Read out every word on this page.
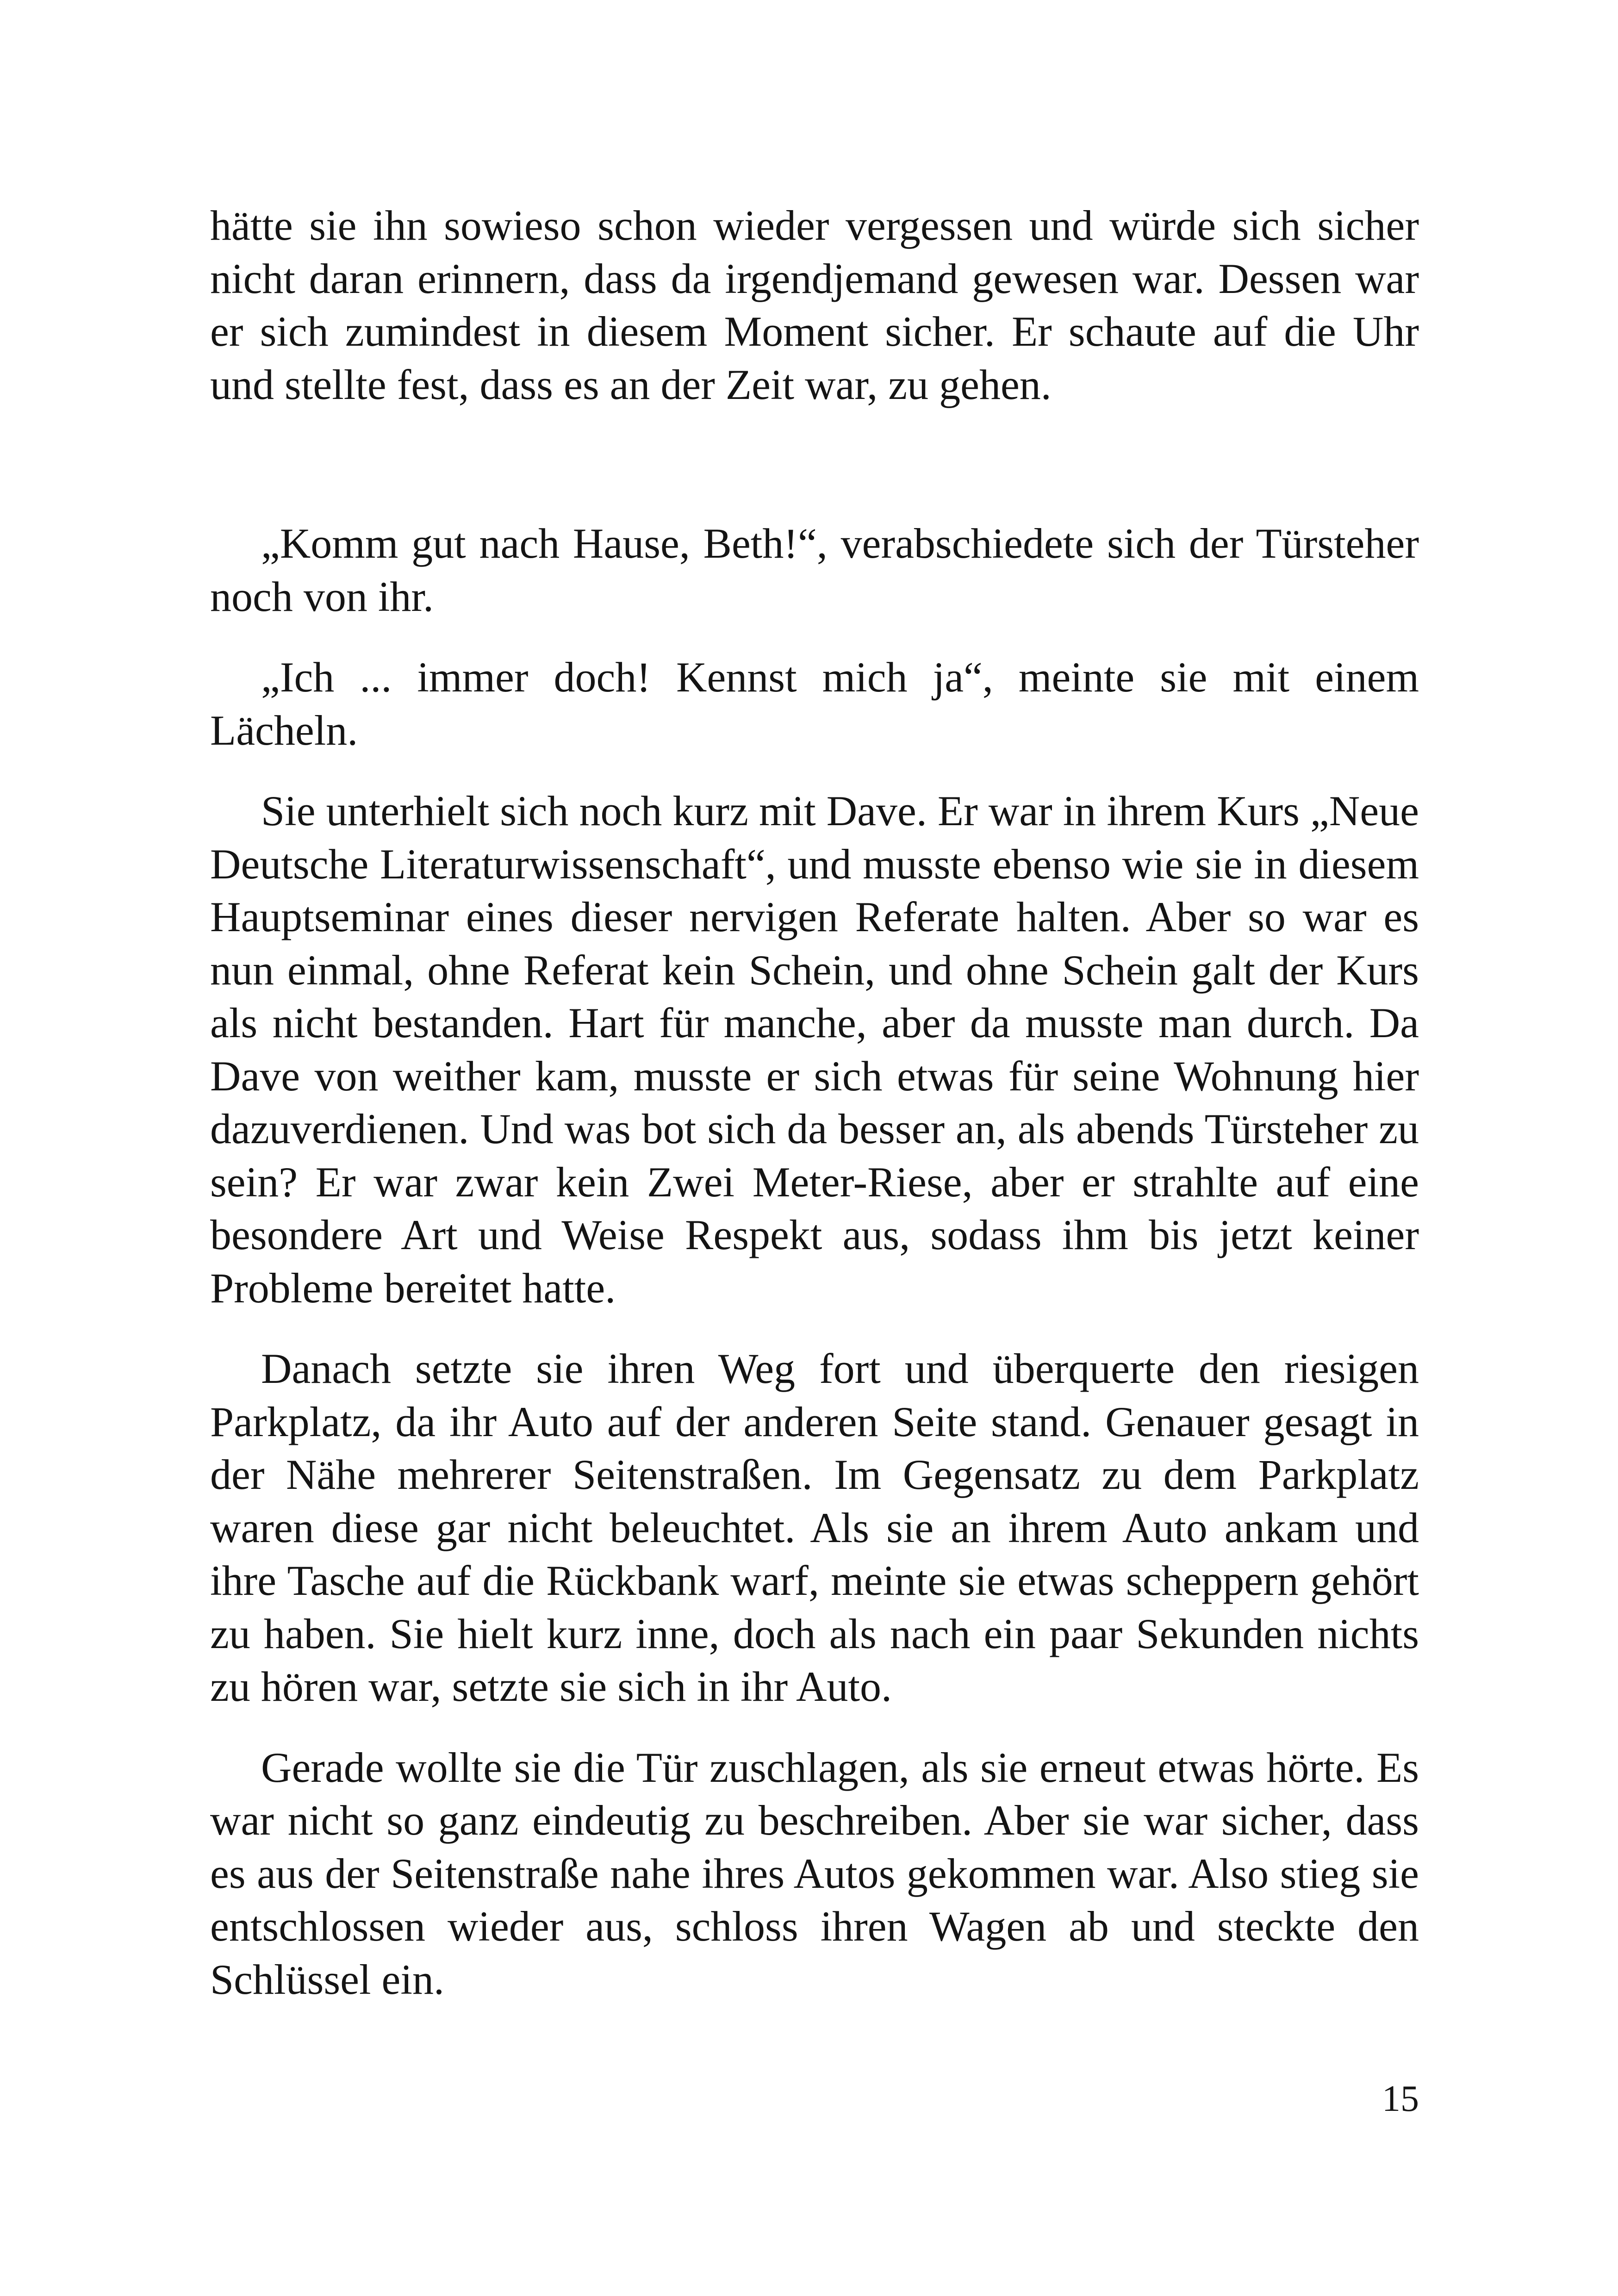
hätte sie ihn sowieso schon wieder vergessen und würde sich sicher nicht daran erinnern, dass da irgendjemand gewesen war. Dessen war er sich zumindest in diesem Moment sicher. Er schaute auf die Uhr und stellte fest, dass es an der Zeit war, zu gehen.

„Komm gut nach Hause, Beth!“, verabschiedete sich der Türsteher noch von ihr.

„Ich ... immer doch! Kennst mich ja“, meinte sie mit einem Lächeln.

Sie unterhielt sich noch kurz mit Dave. Er war in ihrem Kurs „Neue Deutsche Literaturwissenschaft“, und musste ebenso wie sie in diesem Hauptseminar eines dieser nervigen Referate halten. Aber so war es nun einmal, ohne Referat kein Schein, und ohne Schein galt der Kurs als nicht bestanden. Hart für manche, aber da musste man durch. Da Dave von weither kam, musste er sich etwas für seine Wohnung hier dazuverdienen. Und was bot sich da besser an, als abends Türsteher zu sein? Er war zwar kein Zwei Meter-Riese, aber er strahlte auf eine besondere Art und Weise Respekt aus, sodass ihm bis jetzt keiner Probleme bereitet hatte.

Danach setzte sie ihren Weg fort und überquerte den riesigen Parkplatz, da ihr Auto auf der anderen Seite stand. Genauer gesagt in der Nähe mehrerer Seitenstraßen. Im Gegensatz zu dem Parkplatz waren diese gar nicht beleuchtet. Als sie an ihrem Auto ankam und ihre Tasche auf die Rückbank warf, meinte sie etwas scheppern gehört zu haben. Sie hielt kurz inne, doch als nach ein paar Sekunden nichts zu hören war, setzte sie sich in ihr Auto.

Gerade wollte sie die Tür zuschlagen, als sie erneut etwas hörte. Es war nicht so ganz eindeutig zu beschreiben. Aber sie war sicher, dass es aus der Seitenstraße nahe ihres Autos gekommen war. Also stieg sie entschlossen wieder aus, schloss ihren Wagen ab und steckte den Schlüssel ein.

15
